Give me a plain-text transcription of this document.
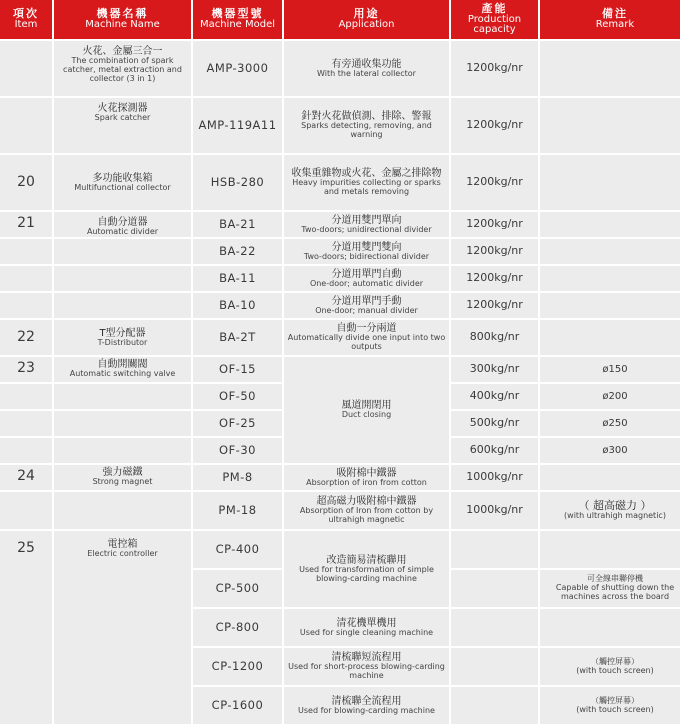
項次
Item	機器名稱
Machine Name	機器型號
Machine Model	用途
Application	產能
Production capacity	備注
Remark

	火花、金屬三合一
The combination of spark catcher, metal extraction and collector (3 in 1)	AMP-3000	有旁通收集功能
With the lateral collector	1200kg/nr	

	火花探測器
Spark catcher	AMP-119A11	針對火花做偵測、排除、警報
Sparks detecting, removing, and warning	1200kg/nr	
20	多功能收集箱
Multifunctional collector	HSB-280	收集重雜物或火花、金屬之排除物
Heavy impurities collecting or sparks and metals removing	1200kg/nr	
21	自動分道器
Automatic divider	BA-21	分道用雙門單向
Two-doors; unidirectional divider	1200kg/nr	
		BA-22	分道用雙門雙向
Two-doors; bidirectional divider	1200kg/nr	
		BA-11	分道用單門自動
One-door; automatic divider	1200kg/nr	
		BA-10	分道用單門手動
One-door; manual divider	1200kg/nr	
22	T型分配器
T-Distributor	BA-2T	自動一分兩道
Automatically divide one input into two outputs	800kg/nr	
23	自動開關閥
Automatic switching valve	OF-15	風道開閉用
Duct closing	300kg/nr	ø150
		OF-50		400kg/nr	ø200
		OF-25		500kg/nr	ø250
		OF-30		600kg/nr	ø300
24	強力磁鐵
Strong magnet	PM-8	吸附棉中鐵器
Absorption of iron from cotton	1000kg/nr	
		PM-18	超高磁力吸附棉中鐵器
Absorption of Iron from cotton by ultrahigh magnetic	1000kg/nr	（ 超高磁力 ）
(with ultrahigh magnetic)

25	電控箱
Electric controller	CP-400	改造簡易清梳聯用
Used for transformation of simple blowing-carding machine		

		CP-500			可全線串聯停機
Capable of shutting down the machines across the board

		CP-800	清花機單機用
Used for single cleaning machine		

		CP-1200	清梳聯短流程用
Used for short-process blowing-carding machine		（觸控屏幕）
(with touch screen)

		CP-1600	清梳聯全流程用
Used for blowing-carding machine		（觸控屏幕）
(with touch screen)
